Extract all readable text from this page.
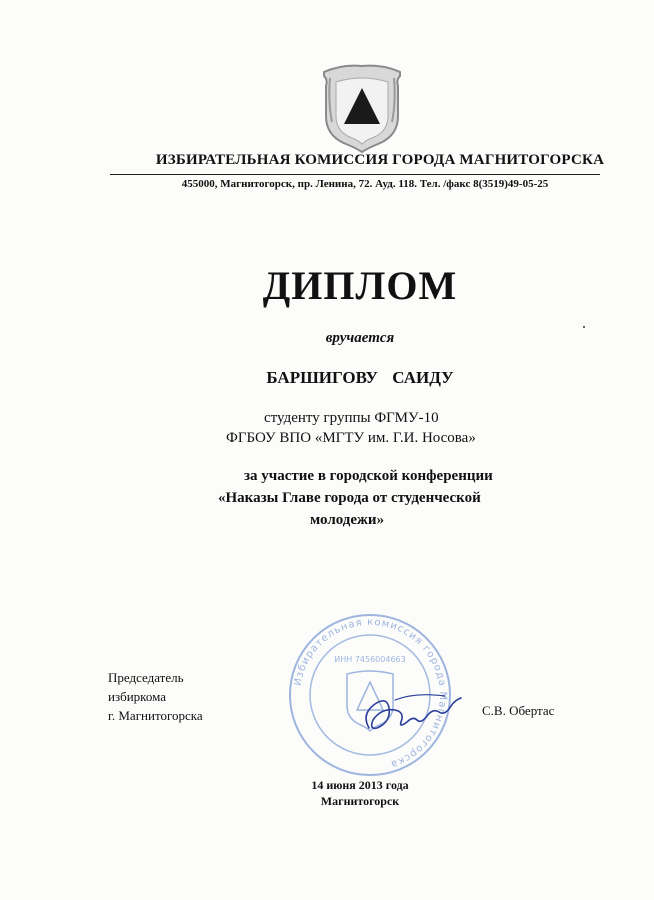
ИЗБИРАТЕЛЬНАЯ КОМИССИЯ ГОРОДА МАГНИТОГОРСКА
455000, Магнитогорск, пр. Ленина, 72. Ауд. 118. Тел. /факс 8(3519)49-05-25
ДИПЛОМ
вручается
БАРШИГОВУ САИДУ
студенту группы ФГМУ-10
ФГБОУ ВПО «МГТУ им. Г.И. Носова»
за участие в городской конференции
«Наказы Главе города от студенческой
молодежи»
Избирательная комиссия города Магнитогорска
ИНН 7456004663
Председатель
избиркома
г. Магнитогорска	С.В. Обертас
14 июня 2013 года
Магнитогорск
